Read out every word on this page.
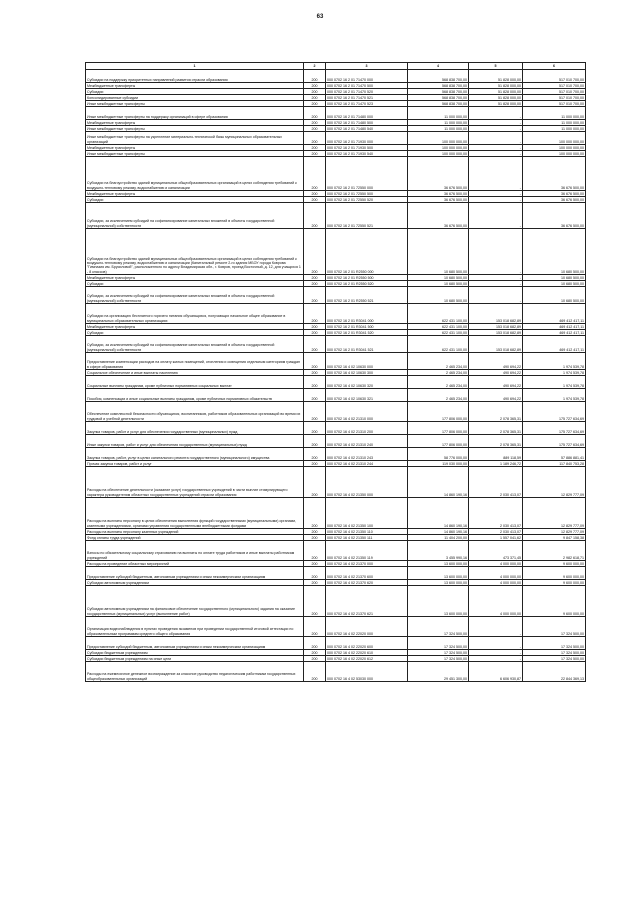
63
1	2	3	4	5	6
Субсидии на поддержку приоритетных направлений развития отрасли образования	200	000 0702 16 2 01 71470 000	568 838 700,00	51 828 000,00	517 010 700,00
Межбюджетные трансферты	200	000 0702 16 2 01 71470 500	568 838 700,00	51 828 000,00	517 010 700,00
Субсидии	200	000 0702 16 2 01 71470 520	568 838 700,00	51 828 000,00	517 010 700,00
Консолидированные субсидии	200	000 0702 16 2 01 71470 521	568 838 700,00	51 828 000,00	517 010 700,00
Иные межбюджетные трансферты	200	000 0702 16 2 01 71470 523	568 838 700,00	51 828 000,00	517 010 700,00
Иные межбюджетные трансферты на поддержку организаций в сфере образования	200	000 0702 16 2 01 71480 000	11 000 000,00	-	11 000 000,00
Межбюджетные трансферты	200	000 0702 16 2 01 71480 500	11 000 000,00	-	11 000 000,00
Иные межбюджетные трансферты	200	000 0702 16 2 01 71480 540	11 000 000,00	-	11 000 000,00
Иные межбюджетные трансферты на укрепление материально-технической базы муниципальных образовательных организаций	200	000 0702 16 2 01 71930 000	100 000 000,00	-	100 000 000,00
Межбюджетные трансферты	200	000 0702 16 2 01 71930 500	100 000 000,00	-	100 000 000,00
Иные межбюджетные трансферты	200	000 0702 16 2 01 71930 540	100 000 000,00	-	100 000 000,00
Субсидии на благоустройство зданий муниципальных общеобразовательных организаций в целях соблюдения требований к воздушно-тепловому режиму, водоснабжению и канализации	200	000 0702 16 2 01 72550 000	36 676 500,00	-	36 676 500,00
Межбюджетные трансферты	200	000 0702 16 2 01 72550 500	36 676 500,00	-	36 676 500,00
Субсидии	200	000 0702 16 2 01 72550 520	36 676 500,00	-	36 676 500,00
Субсидии, за исключением субсидий на софинансирование капитальных вложений в объекты государственной (муниципальной) собственности	200	000 0702 16 2 01 72550 521	36 676 500,00	-	36 676 500,00
Субсидии на благоустройство зданий муниципальных общеобразовательных организаций в целях соблюдения требований к воздушно-тепловому режиму, водоснабжению и канализации (Капитальный ремонт 2-го здания МБОУ города Коврова "Гимназия им. Брусиловой", расположенного по адресу Владимирская обл., г. Ковров, проезд Восточный, д. 12, для учащихся 1 - 8 классов)	200	000 0702 16 2 01 R2550 000	10 680 500,00	-	10 680 500,00
Межбюджетные трансферты	200	000 0702 16 2 01 R2550 500	10 680 500,00	-	10 680 500,00
Субсидии	200	000 0702 16 2 01 R2550 520	10 680 500,00	-	10 680 500,00
Субсидии, за исключением субсидий на софинансирование капитальных вложений в объекты государственной (муниципальной) собственности	200	000 0702 16 2 01 R2550 521	10 680 500,00	-	10 680 500,00
Субсидии на организацию бесплатного горячего питания обучающихся, получающих начальное общее образование в муниципальных образовательных организациях	200	000 0702 16 2 01 R3041 000	622 431 100,00	153 018 682,89	469 412 417,11
Межбюджетные трансферты	200	000 0702 16 2 01 R3041 500	622 431 100,00	153 018 682,89	469 412 417,11
Субсидии	200	000 0702 16 2 01 R3041 520	622 431 100,00	153 018 682,89	469 412 417,11
Субсидии, за исключением субсидий на софинансирование капитальных вложений в объекты государственной (муниципальной) собственности	200	000 0702 16 2 01 R3041 521	622 431 100,00	153 018 682,89	469 412 417,11
Предоставление компенсации расходов на оплату жилых помещений, отопления и освещения отдельным категориям граждан в сфере образования	200	000 0702 16 4 02 10630 000	2 465 234,00	490 694,22	1 974 539,78
Социальное обеспечение и иные выплаты населению	200	000 0702 16 4 02 10630 300	2 465 234,00	490 694,22	1 974 539,78
Социальные выплаты гражданам, кроме публичных нормативных социальных выплат	200	000 0702 16 4 02 10630 320	2 465 234,00	490 694,22	1 974 539,78
Пособия, компенсации и иные социальные выплаты гражданам, кроме публичных нормативных обязательств	200	000 0702 16 4 02 10630 321	2 465 234,00	490 694,22	1 974 539,78
Обеспечение комплексной безопасности обучающихся, воспитанников, работников образовательных организаций во время их трудовой и учебной деятельности	200	000 0702 16 4 02 21310 000	177 806 000,00	2 078 365,31	175 727 634,69
Закупка товаров, работ и услуг для обеспечения государственных (муниципальных) нужд	200	000 0702 16 4 02 21310 200	177 806 000,00	2 078 365,31	175 727 634,69
Иные закупки товаров, работ и услуг для обеспечения государственных (муниципальных) нужд	200	000 0702 16 4 02 21310 240	177 806 000,00	2 078 365,31	175 727 634,69
Закупка товаров, работ, услуг в целях капитального ремонта государственного (муниципального) имущества	200	000 0702 16 4 02 21310 243	58 776 000,00	889 118,59	57 886 881,41
Прочая закупка товаров, работ и услуг	200	000 0702 16 4 02 21310 244	119 030 000,00	1 189 246,72	117 840 753,28
Расходы на обеспечение деятельности (оказание услуг) государственных учреждений в части выплат стимулирующего характера руководителям областных государственных учреждений отрасли образования	200	000 0702 16 4 02 21350 000	14 860 190,16	2 030 413,07	12 829 777,09
Расходы на выплаты персоналу в целях обеспечения выполнения функций государственными (муниципальными) органами, казенными учреждениями, органами управления государственными внебюджетными фондами	200	000 0702 16 4 02 21350 100	14 860 190,16	2 030 413,07	12 829 777,09
Расходы на выплаты персоналу казенных учреждений	200	000 0702 16 4 02 21350 110	14 860 190,16	2 030 413,07	12 829 777,09
Фонд оплаты труда учреждений	200	000 0702 16 4 02 21350 111	11 404 200,00	1 557 041,62	9 847 158,38
Взносы по обязательному социальному страхованию на выплаты по оплате труда работников и иные выплаты работникам учреждений	200	000 0702 16 4 02 21350 119	3 455 990,16	473 371,45	2 982 618,71
Расходы на проведение областных мероприятий	200	000 0702 16 4 02 21370 000	13 600 000,00	4 000 000,00	9 600 000,00
Предоставление субсидий бюджетным, автономным учреждениям и иным некоммерческим организациям	200	000 0702 16 4 02 21370 600	13 600 000,00	4 000 000,00	9 600 000,00
Субсидии автономным учреждениям	200	000 0702 16 4 02 21370 620	13 600 000,00	4 000 000,00	9 600 000,00
Субсидии автономным учреждениям на финансовое обеспечение государственного (муниципального) задания на оказание государственных (муниципальных) услуг (выполнение работ)	200	000 0702 16 4 02 21370 621	13 600 000,00	4 000 000,00	9 600 000,00
Организация видеонаблюдения в пунктах проведения экзаменов при проведении государственной итоговой аттестации по образовательным программам среднего общего образования	200	000 0702 16 4 02 22020 000	17 324 500,00	-	17 324 500,00
Предоставление субсидий бюджетным, автономным учреждениям и иным некоммерческим организациям	200	000 0702 16 4 02 22020 600	17 324 500,00	-	17 324 500,00
Субсидии бюджетным учреждениям	200	000 0702 16 4 02 22020 610	17 324 500,00	-	17 324 500,00
Субсидии бюджетным учреждениям на иные цели	200	000 0702 16 4 02 22020 612	17 324 500,00	-	17 324 500,00
Расходы на ежемесячное денежное вознаграждение за классное руководство педагогическим работникам государственных общеобразовательных организаций	200	000 0702 16 4 02 53030 000	29 451 300,00	6 606 930,87	22 844 369,13
